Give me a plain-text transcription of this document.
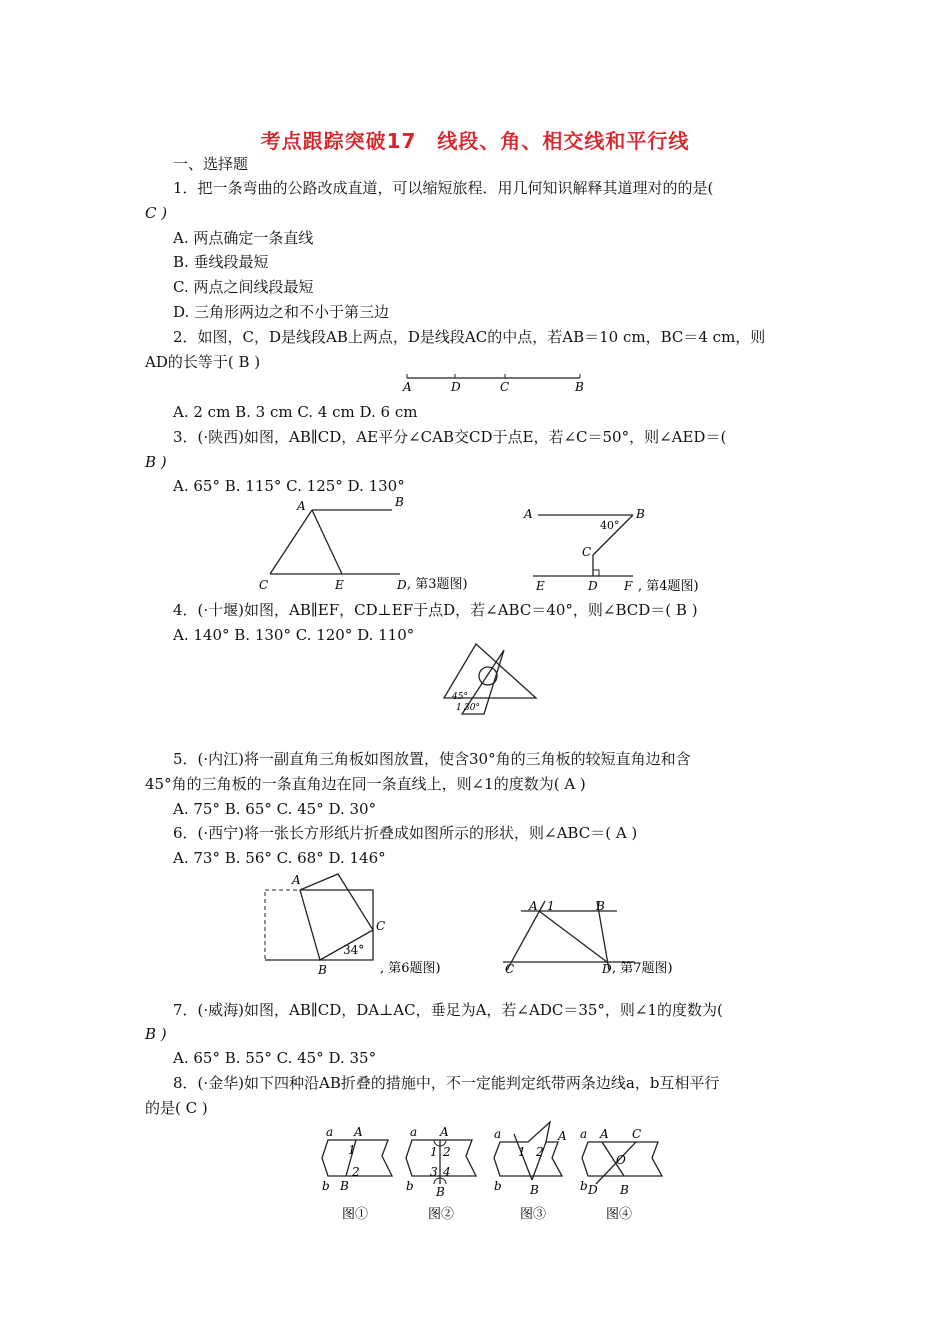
考点跟踪突破17　线段、角、相交线和平行线
一、选择题
1．把一条弯曲的公路改成直道，可以缩短旅程．用几何知识解释其道理对的的是(
C )
A. 两点确定一条直线
B. 垂线段最短
C. 两点之间线段最短
D. 三角形两边之和不小于第三边
2．如图，C，D是线段AB上两点，D是线段AC的中点，若AB＝10 cm，BC＝4 cm，则
AD的长等于( B )
A	D	C	B
A. 2 cm B. 3 cm C. 4 cm D. 6 cm
3．(·陕西)如图，AB∥CD，AE平分∠CAB交CD于点E，若∠C＝50°，则∠AED＝(
B )
A. 65° B. 115° C. 125° D. 130°
A	B
C	E	D , 第3题图)
A	B
C
E	D F
40°
, 第4题图)
4．(·十堰)如图，AB∥EF，CD⊥EF于点D，若∠ABC＝40°，则∠BCD＝( B )
A. 140° B. 130° C. 120° D. 110°
45°
1 30°
5．(·内江)将一副直角三角板如图放置，使含30°角的三角板的较短直角边和含
45°角的三角板的一条直角边在同一条直线上，则∠1的度数为( A )
A. 75° B. 65° C. 45° D. 30°
6．(·西宁)将一张长方形纸片折叠成如图所示的形状，则∠ABC＝( A )
A. 73° B. 56° C. 68° D. 146°
A
C
B
34°
, 第6题图)
A 1	B
C	D , 第7题图)
7．(·威海)如图，AB∥CD，DA⊥AC，垂足为A，若∠ADC＝35°，则∠1的度数为(
B )
A. 65° B. 55° C. 45° D. 35°
8．(·金华)如下四种沿AB折叠的措施中，不一定能判定纸带两条边线a，b互相平行
的是( C )
a A
1
2
b B
图①
a A
1 2
3 4
b B
图②
a	A
1 2
b B
图③
a A C
O
b D B
图④
